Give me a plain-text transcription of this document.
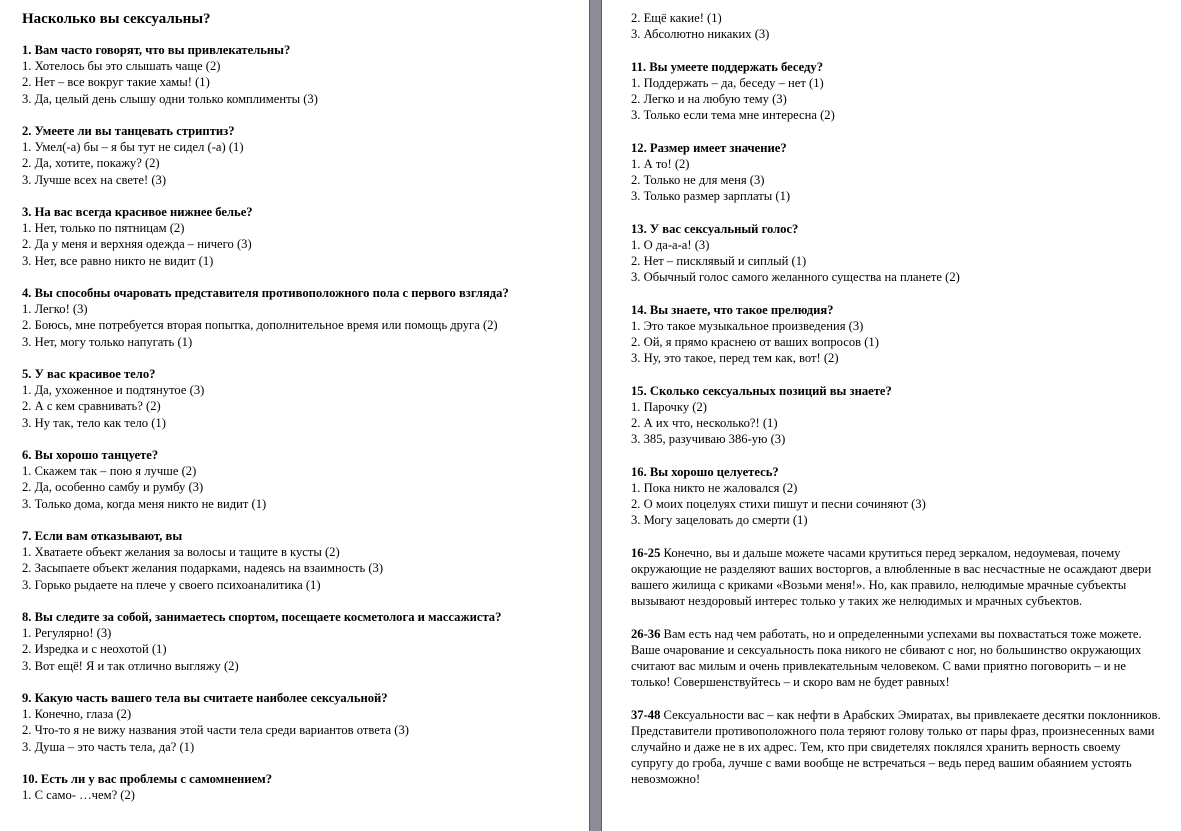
Насколько вы сексуальны?
1. Вам часто говорят, что вы привлекательны?
1. Хотелось бы это слышать чаще (2)
2. Нет – все вокруг такие хамы! (1)
3. Да, целый день слышу одни только комплименты (3)
2. Умеете ли вы танцевать стриптиз?
1. Умел(-а) бы – я бы тут не сидел (-а) (1)
2. Да, хотите, покажу? (2)
3. Лучше всех на свете! (3)
3. На вас всегда красивое нижнее белье?
1. Нет, только по пятницам (2)
2. Да у меня и верхняя одежда – ничего (3)
3. Нет, все равно никто не видит (1)
4. Вы способны очаровать представителя противоположного пола с первого взгляда?
1. Легко! (3)
2. Боюсь, мне потребуется вторая попытка, дополнительное время или помощь друга (2)
3. Нет, могу только напугать (1)
5. У вас красивое тело?
1. Да, ухоженное и подтянутое (3)
2. А с кем сравнивать? (2)
3. Ну так, тело как тело (1)
6. Вы хорошо танцуете?
1. Скажем так – пою я лучше (2)
2. Да, особенно самбу и румбу (3)
3. Только дома, когда меня никто не видит (1)
7. Если вам отказывают, вы
1. Хватаете объект желания за волосы и тащите в кусты (2)
2. Засыпаете объект желания подарками, надеясь на взаимность (3)
3. Горько рыдаете на плече у своего психоаналитика (1)
8. Вы следите за собой, занимаетесь спортом, посещаете косметолога и массажиста?
1. Регулярно! (3)
2. Изредка и с неохотой (1)
3. Вот ещё! Я и так отлично выгляжу (2)
9. Какую часть вашего тела вы считаете наиболее сексуальной?
1. Конечно, глаза (2)
2. Что-то я не вижу названия этой части тела среди вариантов ответа (3)
3. Душа – это часть тела, да? (1)
10. Есть ли у вас проблемы с самомнением?
1. С само- …чем? (2)
2. Ещё какие! (1)
3. Абсолютно никаких (3)
11. Вы умеете поддержать беседу?
1. Поддержать – да, беседу – нет (1)
2. Легко и на любую тему (3)
3. Только если тема мне интересна (2)
12. Размер имеет значение?
1. А то! (2)
2. Только не для меня (3)
3. Только размер зарплаты (1)
13. У вас сексуальный голос?
1. О да-а-а! (3)
2. Нет – писклявый и сиплый (1)
3. Обычный голос самого желанного существа на планете (2)
14. Вы знаете, что такое прелюдия?
1. Это такое музыкальное произведения (3)
2. Ой, я прямо краснею от ваших вопросов (1)
3. Ну, это такое, перед тем как, вот! (2)
15. Сколько сексуальных позиций вы знаете?
1. Парочку (2)
2. А их что, несколько?! (1)
3. 385, разучиваю 386-ую (3)
16. Вы хорошо целуетесь?
1. Пока никто не жаловался (2)
2. О моих поцелуях стихи пишут и песни сочиняют (3)
3. Могу зацеловать до смерти (1)
16-25 Конечно, вы и дальше можете часами крутиться перед зеркалом, недоумевая, почему окружающие не разделяют ваших восторгов, а влюбленные в вас несчастные не осаждают двери вашего жилища с криками «Возьми меня!». Но, как правило, нелюдимые мрачные субъекты вызывают нездоровый интерес только у таких же нелюдимых и мрачных субъектов.
26-36 Вам есть над чем работать, но и определенными успехами вы похвастаться тоже можете. Ваше очарование и сексуальность пока никого не сбивают с ног, но большинство окружающих считают вас милым и очень привлекательным человеком. С вами приятно поговорить – и не только! Совершенствуйтесь – и скоро вам не будет равных!
37-48 Сексуальности вас – как нефти в Арабских Эмиратах, вы привлекаете десятки поклонников. Представители противоположного пола теряют голову только от пары фраз, произнесенных вами случайно и даже не в их адрес. Тем, кто при свидетелях поклялся хранить верность своему супругу до гроба, лучше с вами вообще не встречаться – ведь перед вашим обаянием устоять невозможно!
